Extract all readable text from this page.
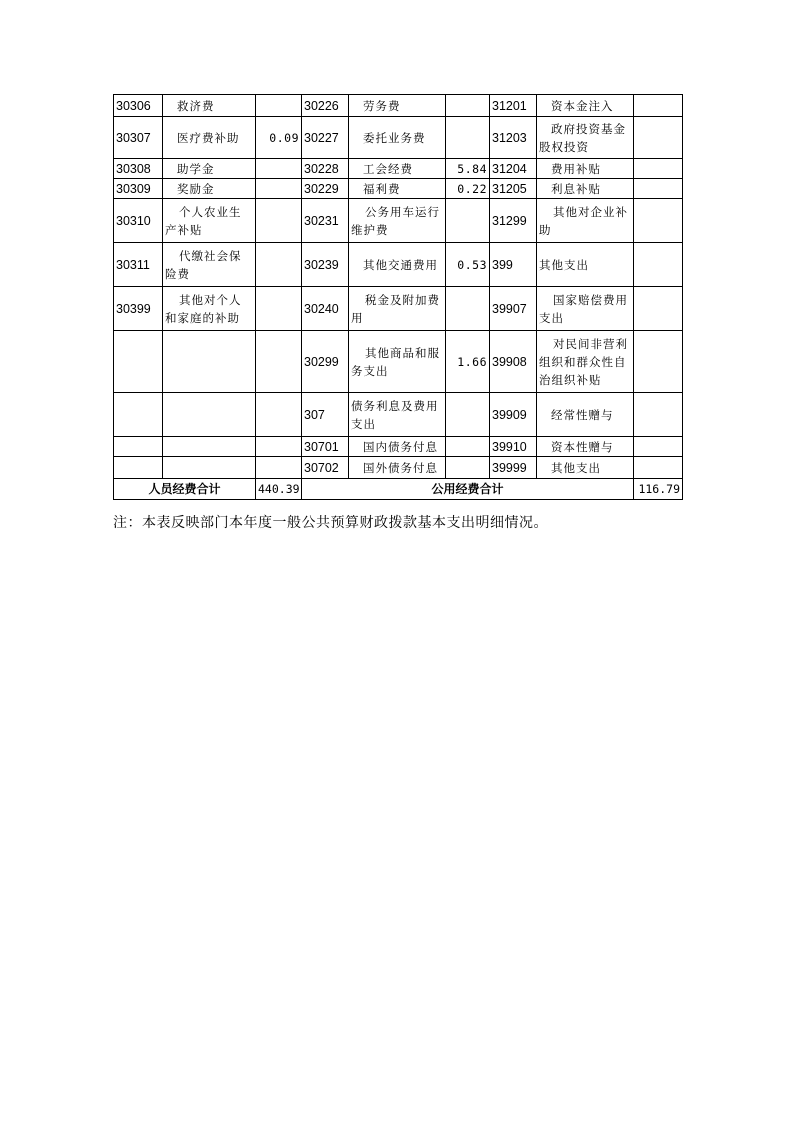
30306	救济费		30226	劳务费		31201	资本金注入	
30307	医疗费补助	0.09	30227	委托业务费		31203	政府投资基金股权投资	
30308	助学金		30228	工会经费	5.84	31204	费用补贴	
30309	奖励金		30229	福利费	0.22	31205	利息补贴	
30310	个人农业生产补贴		30231	公务用车运行维护费		31299	其他对企业补助	

30311	代缴社会保险费		30239	其他交通费用	0.53	399	其他支出	
30399	其他对个人和家庭的补助		30240	税金及附加费用		39907	国家赔偿费用支出	

			30299	其他商品和服务支出	1.66	39908	对民间非营利组织和群众性自治组织补贴	

			307	债务利息及费用支出		39909	经常性赠与	
			30701	国内债务付息		39910	资本性赠与	
			30702	国外债务付息		39999	其他支出	
人员经费合计		440.39	公用经费合计					116.79
注：本表反映部门本年度一般公共预算财政拨款基本支出明细情况。
